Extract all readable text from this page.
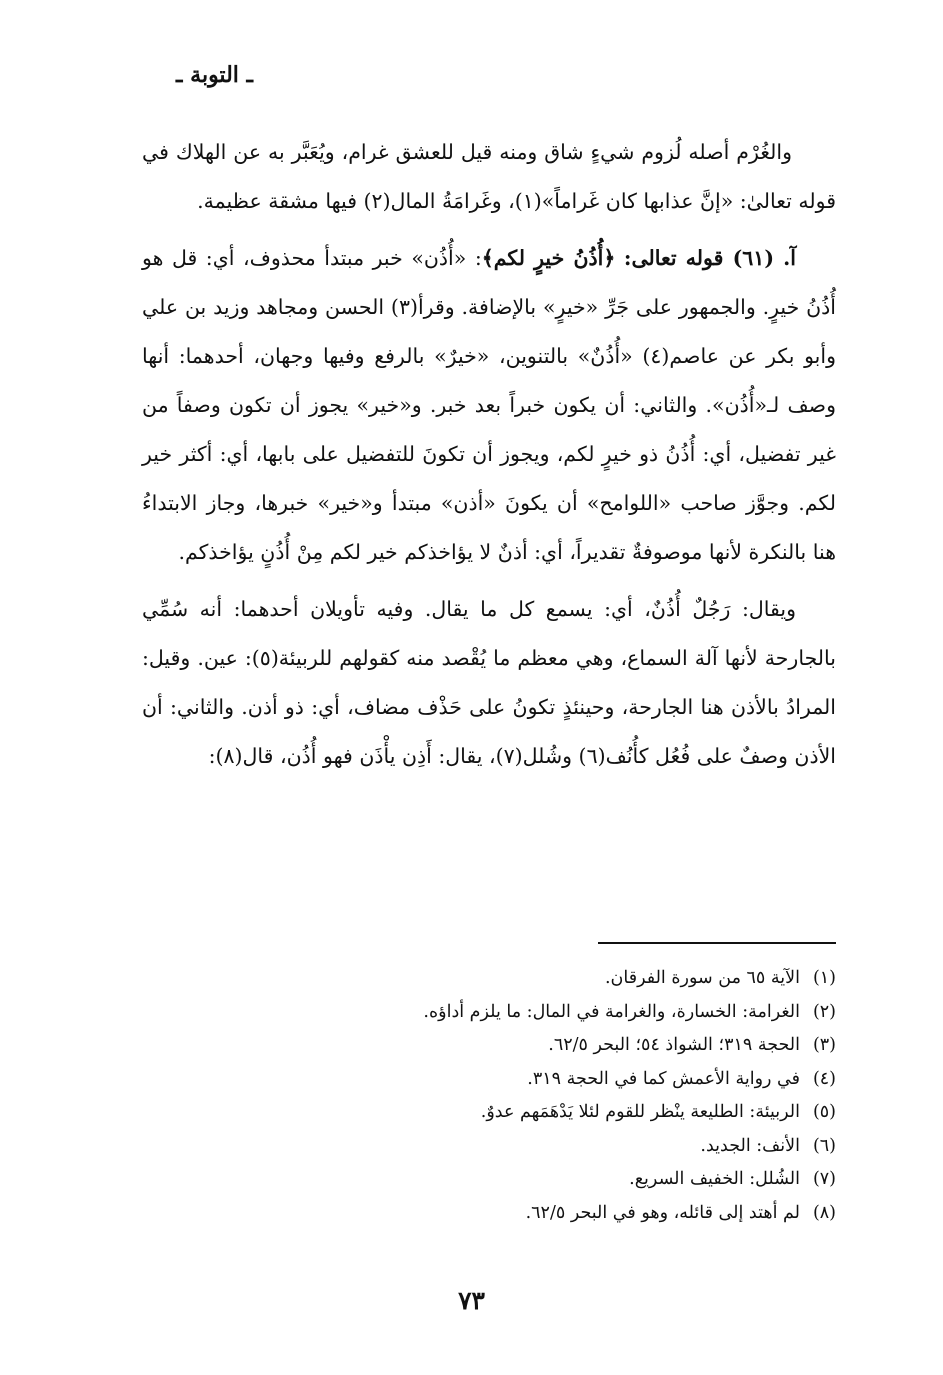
ـ التوبة ـ

والغُرْم أصله لُزوم شيءٍ شاق ومنه قيل للعشق غرام، ويُعَبَّر به عن الهلاك في قوله تعالىٰ: «إنَّ عذابها كان غَراماً»(١)، وغَرامَةُ المال(٢) فيها مشقة عظيمة.

آ. (٦١) قوله تعالى: ﴿أُذُنُ خيرٍ لكم﴾: «أُذُن» خبر مبتدأ محذوف، أي: قل هو أُذُنُ خيرٍ. والجمهور على جَرِّ «خيرٍ» بالإضافة. وقرأ(٣) الحسن ومجاهد وزيد بن علي وأبو بكر عن عاصم(٤) «أُذُنٌ» بالتنوين، «خيرٌ» بالرفع وفيها وجهان، أحدهما: أنها وصف لـ«أُذُن». والثاني: أن يكون خبراً بعد خبر. و«خير» يجوز أن تكون وصفاً من غير تفضيل، أي: أُذُنُ ذو خيرٍ لكم، ويجوز أن تكونَ للتفضيل على بابها، أي: أكثر خير لكم. وجوَّز صاحب «اللوامح» أن يكونَ «أذن» مبتدأ و«خير» خبرها، وجاز الابتداءُ هنا بالنكرة لأنها موصوفةٌ تقديراً، أي: أذنٌ لا يؤاخذكم خير لكم مِنْ أُذُنٍ يؤاخذكم.

ويقال: رَجُلٌ أُذُنٌ، أي: يسمع كل ما يقال. وفيه تأويلان أحدهما: أنه سُمِّي بالجارحة لأنها آلة السماع، وهي معظم ما يُقْصد منه كقولهم للربيئة(٥): عين. وقيل: المرادُ بالأذن هنا الجارحة، وحينئذٍ تكونُ على حَذْف مضاف، أي: ذو أذن. والثاني: أن الأذن وصفٌ على فُعُل كأُنُف(٦) وشُلل(٧)، يقال: أَذِن يأْذَن فهو أُذُن، قال(٨):

(١)الآية ٦٥ من سورة الفرقان.
(٢)الغرامة: الخسارة، والغرامة في المال: ما يلزم أداؤه.
(٣)الحجة ٣١٩؛ الشواذ ٥٤؛ البحر ٦٢/٥.
(٤)في رواية الأعمش كما في الحجة ٣١٩.
(٥)الربيئة: الطليعة ينْظر للقوم لئلا يَدْهَمَهم عدوٌ.
(٦)الأنف: الجديد.
(٧)الشُلل: الخفيف السريع.
(٨)لم أهتد إلى قائله، وهو في البحر ٦٢/٥.
٧٣
